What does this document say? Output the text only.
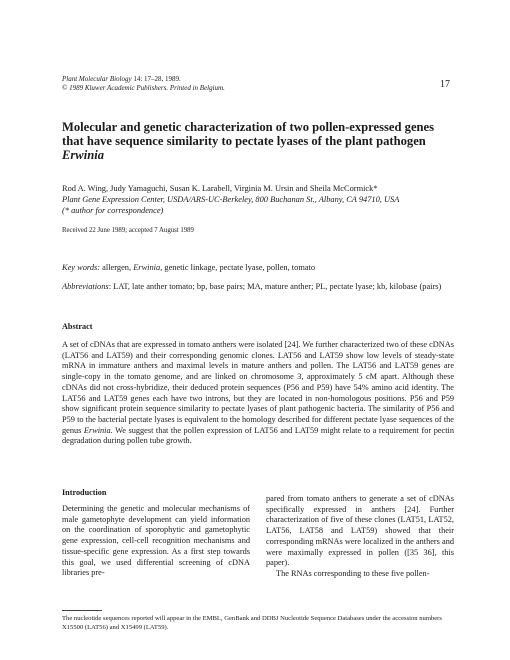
Plant Molecular Biology 14: 17–28, 1989.
© 1989 Kluwer Academic Publishers. Printed in Belgium.	17
Molecular and genetic characterization of two pollen-expressed genes that have sequence similarity to pectate lyases of the plant pathogen Erwinia
Rod A. Wing, Judy Yamaguchi, Susan K. Larabell, Virginia M. Ursin and Sheila McCormick*
Plant Gene Expression Center, USDA/ARS-UC-Berkeley, 800 Buchanan St., Albany, CA 94710, USA
(* author for correspondence)
Received 22 June 1989; accepted 7 August 1989
Key words: allergen, Erwinia, genetic linkage, pectate lyase, pollen, tomato
Abbreviations: LAT, late anther tomato; bp, base pairs; MA, mature anther; PL, pectate lyase; kb, kilobase (pairs)
Abstract
A set of cDNAs that are expressed in tomato anthers were isolated [24]. We further characterized two of these cDNAs (LAT56 and LAT59) and their corresponding genomic clones. LAT56 and LAT59 show low levels of steady-state mRNA in immature anthers and maximal levels in mature anthers and pollen. The LAT56 and LAT59 genes are single-copy in the tomato genome, and are linked on chromosome 3, approximately 5 cM apart. Although these cDNAs did not cross-hybridize, their deduced protein sequences (P56 and P59) have 54% amino acid identity. The LAT56 and LAT59 genes each have two introns, but they are located in non-homologous positions. P56 and P59 show significant protein sequence similarity to pectate lyases of plant pathogenic bacteria. The similarity of P56 and P59 to the bacterial pectate lyases is equivalent to the homology described for different pectate lyase sequences of the genus Erwinia. We suggest that the pollen expression of LAT56 and LAT59 might relate to a requirement for pectin degradation during pollen tube growth.
Introduction
Determining the genetic and molecular mechanisms of male gametophyte development can yield information on the coordination of sporophytic and gametophytic gene expression, cell-cell recognition mechanisms and tissue-specific gene expression. As a first step towards this goal, we used differential screening of cDNA libraries pre-
pared from tomato anthers to generate a set of cDNAs specifically expressed in anthers [24]. Further characterization of five of these clones (LAT51, LAT52, LAT56, LAT58 and LAT59) showed that their corresponding mRNAs were localized in the anthers and were maximally expressed in pollen ([35 36], this paper).
The RNAs corresponding to these five pollen-
The nucleotide sequences reported will appear in the EMBL, GenBank and DDBJ Nucleotide Sequence Databases under the accession numbers X15500 (LAT56) and X15499 (LAT59).
